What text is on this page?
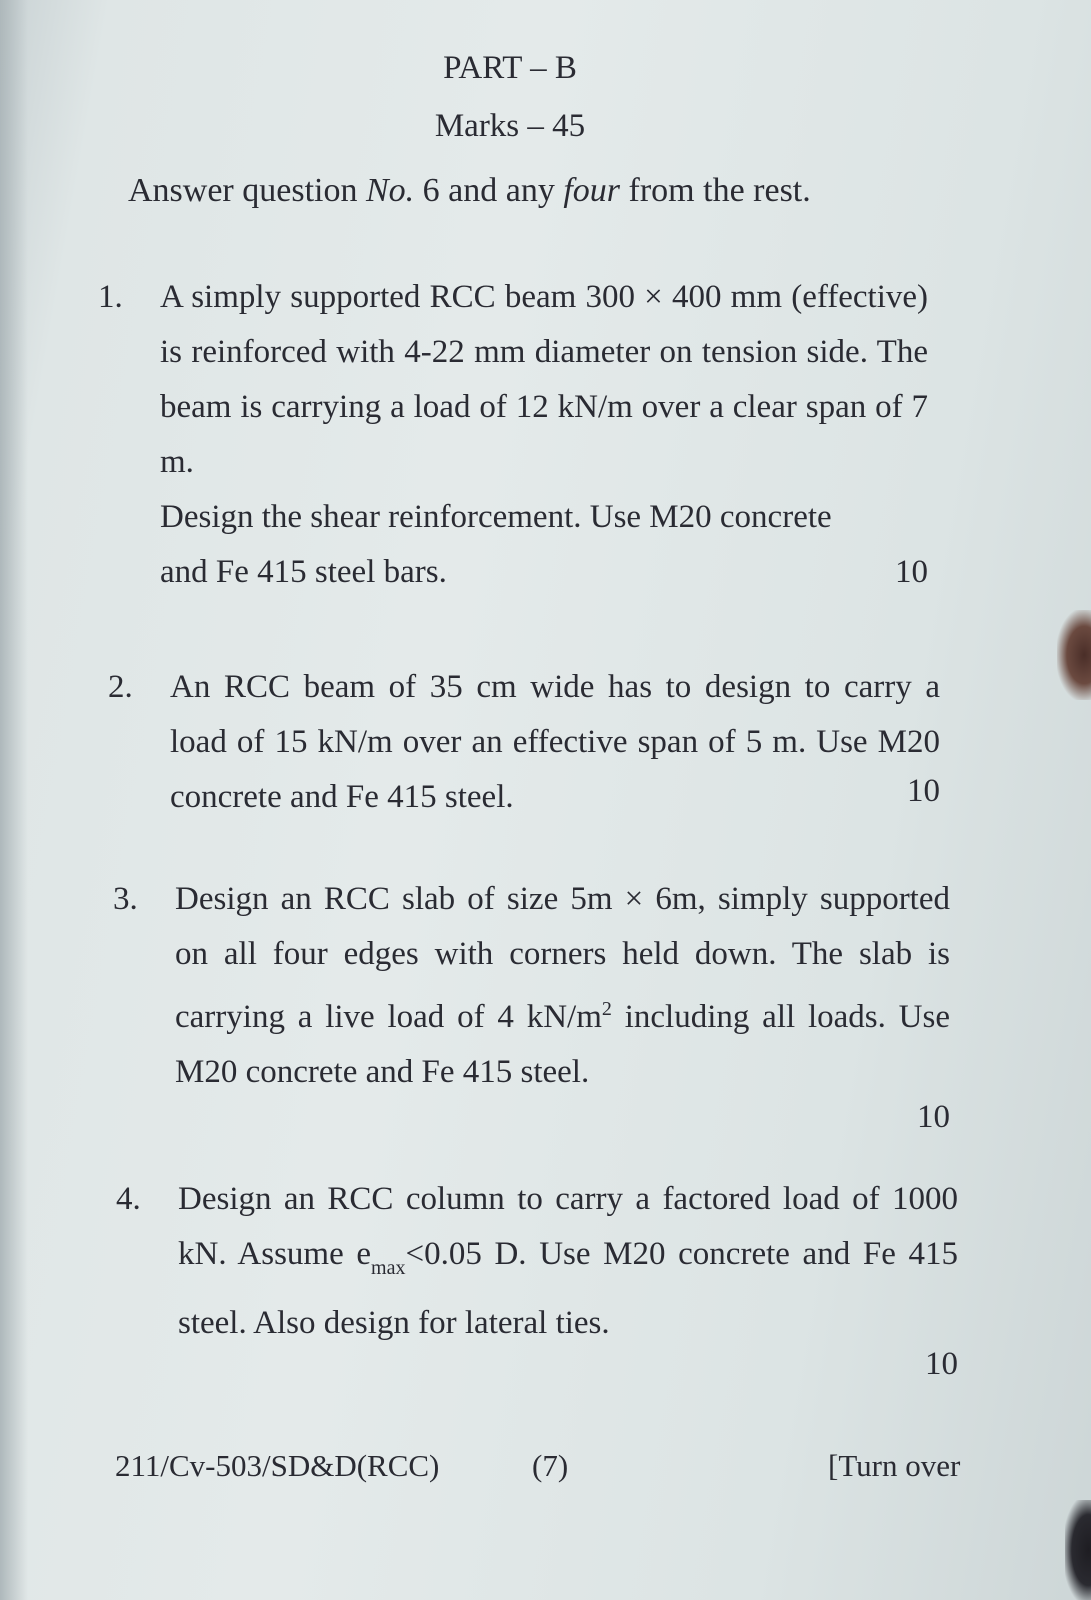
PART – B
Marks – 45
Answer question No. 6 and any four from the rest.
1. A simply supported RCC beam 300 × 400 mm (effective) is reinforced with 4-22 mm diameter on tension side. The beam is carrying a load of 12 kN/m over a clear span of 7 m.

Design the shear reinforcement. Use M20 concrete and Fe 415 steel bars.	10
2. An RCC beam of 35 cm wide has to design to carry a load of 15 kN/m over an effective span of 5 m. Use M20 concrete and Fe 415 steel.	10
3. Design an RCC slab of size 5m × 6m, simply supported on all four edges with corners held down. The slab is carrying a live load of 4 $kN/m^2$ including all loads. Use M20 concrete and Fe 415 steel.

10
4. Design an RCC column to carry a factored load of 1000 kN. Assume $e_{max}<0.05$ D. Use M20 concrete and Fe 415 steel. Also design for lateral ties.

10
211/Cv-503/SD&D(RCC)	(7)	[Turn over
